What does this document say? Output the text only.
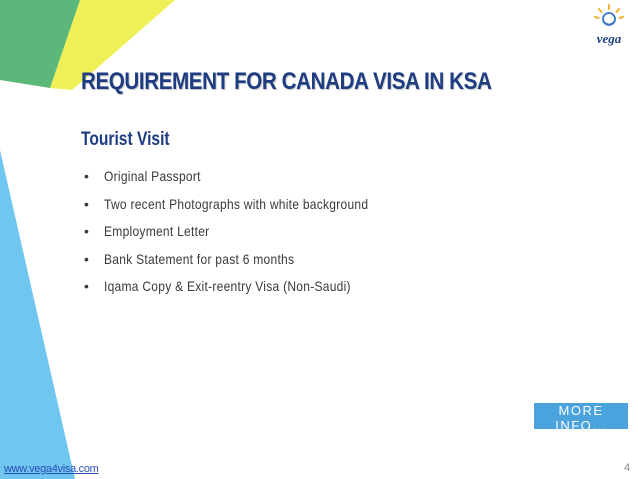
vega
REQUIREMENT FOR CANADA VISA IN KSA
Tourist Visit
• Original Passport
• Two recent Photographs with white background
• Employment Letter
• Bank Statement for past 6 months
• Iqama Copy & Exit-reentry Visa (Non-Saudi)
MORE INFO…
www.vega4visa.com	4
